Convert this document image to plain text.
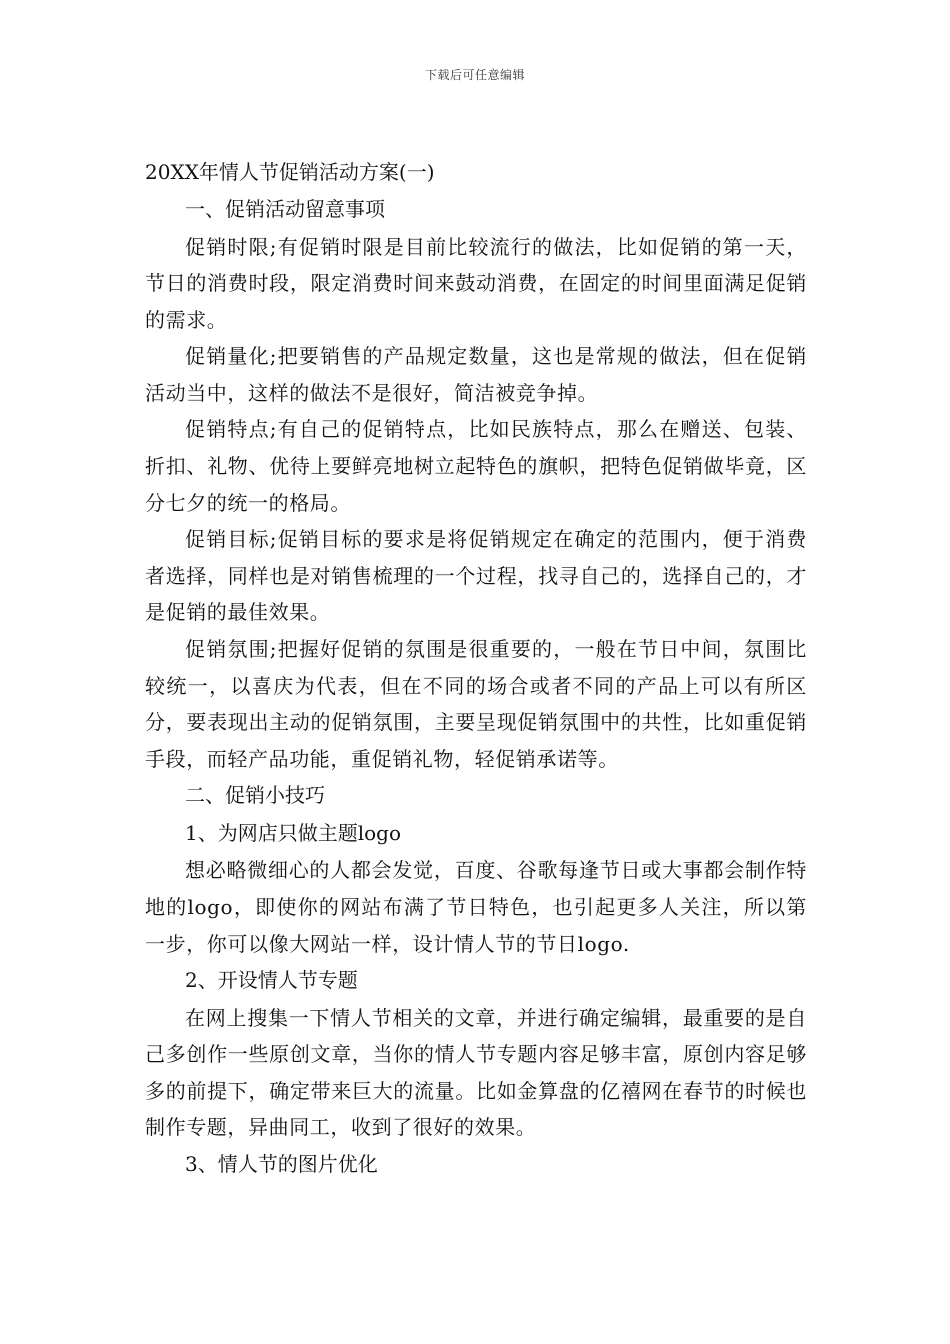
下载后可任意编辑
20XX年情人节促销活动方案(一)

一、促销活动留意事项

促销时限;有促销时限是目前比较流行的做法，比如促销的第一天，节日的消费时段，限定消费时间来鼓动消费，在固定的时间里面满足促销的需求。

促销量化;把要销售的产品规定数量，这也是常规的做法，但在促销活动当中，这样的做法不是很好，简洁被竞争掉。

促销特点;有自己的促销特点，比如民族特点，那么在赠送、包装、折扣、礼物、优待上要鲜亮地树立起特色的旗帜，把特色促销做毕竟，区分七夕的统一的格局。

促销目标;促销目标的要求是将促销规定在确定的范围内，便于消费者选择，同样也是对销售梳理的一个过程，找寻自己的，选择自己的，才是促销的最佳效果。

促销氛围;把握好促销的氛围是很重要的，一般在节日中间，氛围比较统一，以喜庆为代表，但在不同的场合或者不同的产品上可以有所区分，要表现出主动的促销氛围，主要呈现促销氛围中的共性，比如重促销手段，而轻产品功能，重促销礼物，轻促销承诺等。

二、促销小技巧

1、为网店只做主题logo

想必略微细心的人都会发觉，百度、谷歌每逢节日或大事都会制作特地的logo，即使你的网站布满了节日特色，也引起更多人关注，所以第一步，你可以像大网站一样，设计情人节的节日logo.

2、开设情人节专题

在网上搜集一下情人节相关的文章，并进行确定编辑，最重要的是自己多创作一些原创文章，当你的情人节专题内容足够丰富，原创内容足够多的前提下，确定带来巨大的流量。比如金算盘的亿禧网在春节的时候也制作专题，异曲同工，收到了很好的效果。

3、情人节的图片优化
